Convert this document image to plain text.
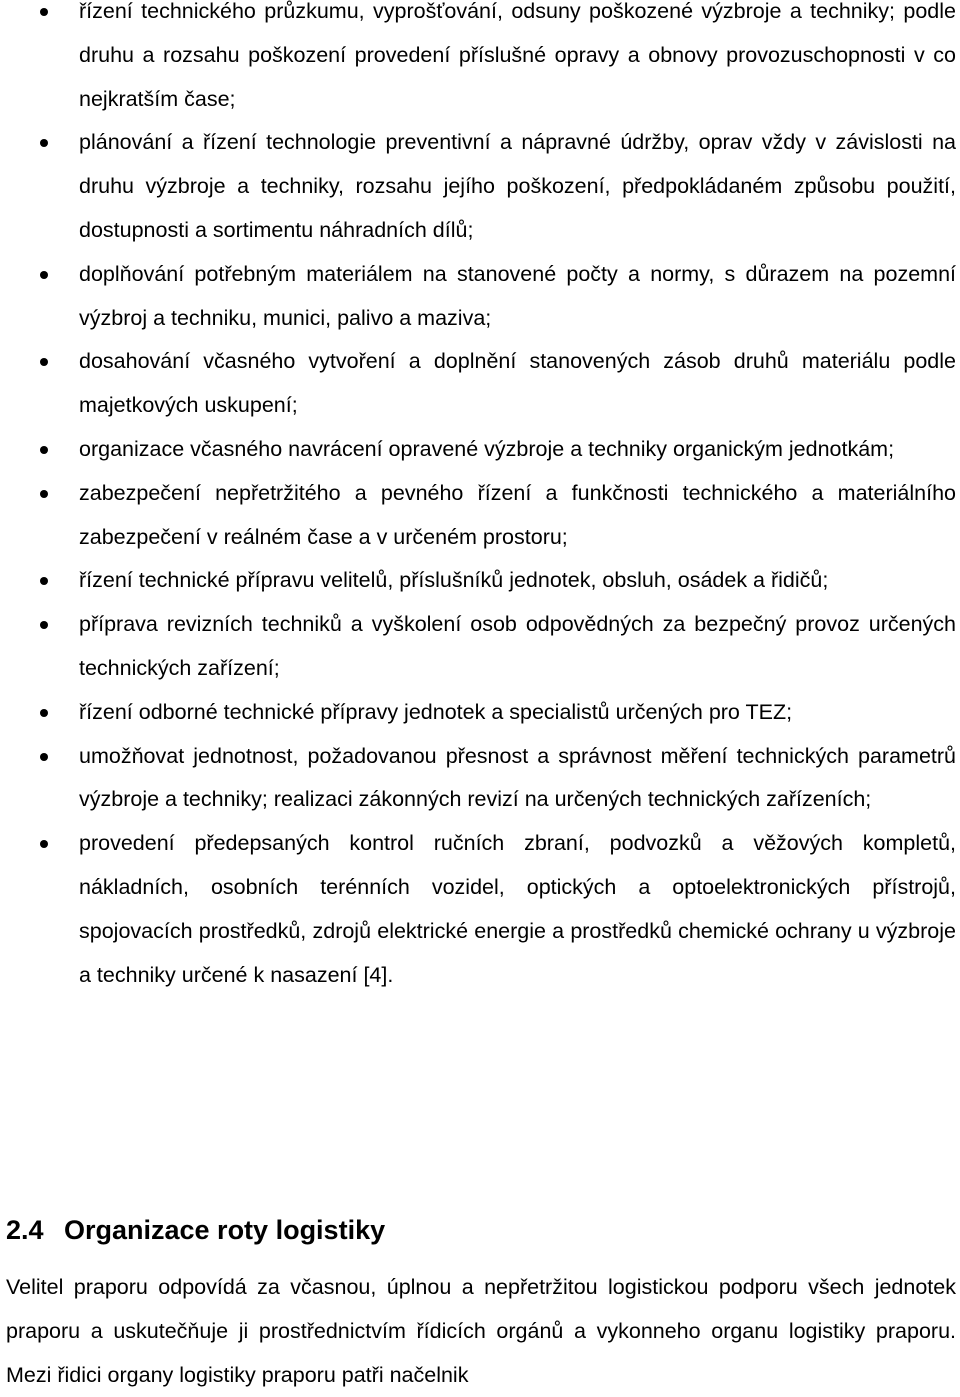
řízení technického průzkumu, vyprošťování, odsuny poškozené výzbroje a techniky; podle druhu a rozsahu poškození provedení příslušné opravy a obnovy provozuschopnosti v co nejkratším čase;
plánování a řízení technologie preventivní a nápravné údržby, oprav vždy v závislosti na druhu výzbroje a techniky, rozsahu jejího poškození, předpokládaném způsobu použití, dostupnosti a sortimentu náhradních dílů;
doplňování potřebným materiálem na stanovené počty a normy, s důrazem na pozemní výzbroj a techniku, munici, palivo a maziva;
dosahování včasného vytvoření a doplnění stanovených zásob druhů materiálu podle majetkových uskupení;
organizace včasného navrácení opravené výzbroje a techniky organickým jednotkám;
zabezpečení nepřetržitého a pevného řízení a funkčnosti technického a materiálního zabezpečení v reálném čase a v určeném prostoru;
řízení technické přípravu velitelů, příslušníků jednotek, obsluh, osádek a řidičů;
příprava revizních techniků a vyškolení osob odpovědných za bezpečný provoz určených technických zařízení;
řízení odborné technické přípravy jednotek a specialistů určených pro TEZ;
umožňovat jednotnost, požadovanou přesnost a správnost měření technických parametrů výzbroje a techniky; realizaci zákonných revizí na určených technických zařízeních;
provedení předepsaných kontrol ručních zbraní, podvozků a věžových kompletů, nákladních, osobních terénních vozidel, optických a optoelektronických přístrojů, spojovacích prostředků, zdrojů elektrické energie a prostředků chemické ochrany u výzbroje a techniky určené k nasazení [4].
2.4 Organizace roty logistiky

Velitel praporu odpovídá za včasnou, úplnou a nepřetržitou logistickou podporu všech jednotek praporu a uskutečňuje ji prostřednictvím řídicích orgánů a vykonneho organu logistiky praporu. Mezi řidici organy logistiky praporu patři načelnik
